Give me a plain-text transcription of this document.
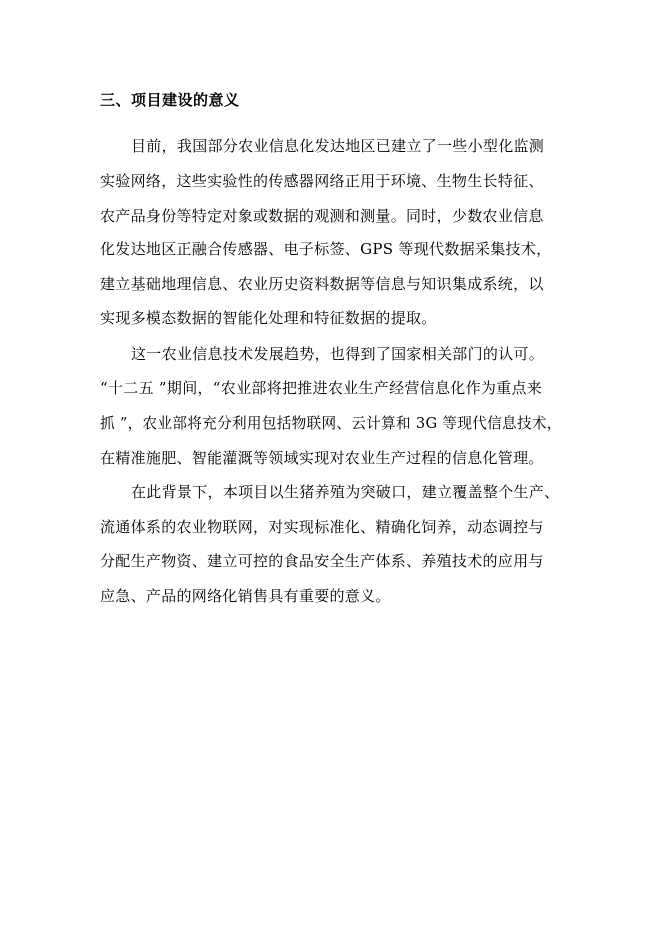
三、项目建设的意义
目前，我国部分农业信息化发达地区已建立了一些小型化监测
实验网络，这些实验性的传感器网络正用于环境、生物生长特征、
农产品身份等特定对象或数据的观测和测量。同时，少数农业信息
化发达地区正融合传感器、电子标签、GPS 等现代数据采集技术，
建立基础地理信息、农业历史资料数据等信息与知识集成系统，以
实现多模态数据的智能化处理和特征数据的提取。
这一农业信息技术发展趋势，也得到了国家相关部门的认可。
“十二五 ”期间，“农业部将把推进农业生产经营信息化作为重点来
抓 ”，农业部将充分利用包括物联网、云计算和 3G 等现代信息技术，
在精准施肥、智能灌溉等领域实现对农业生产过程的信息化管理。
在此背景下，本项目以生猪养殖为突破口，建立覆盖整个生产、
流通体系的农业物联网，对实现标准化、精确化饲养，动态调控与
分配生产物资、建立可控的食品安全生产体系、养殖技术的应用与
应急、产品的网络化销售具有重要的意义。
